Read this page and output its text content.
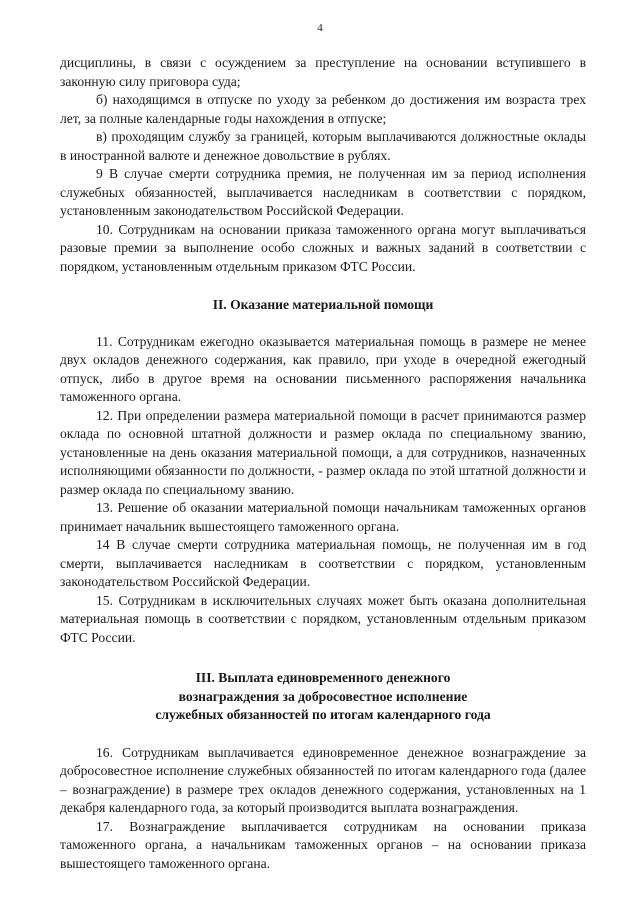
4

дисциплины, в связи с осуждением за преступление на основании вступившего в законную силу приговора суда;

б) находящимся в отпуске по уходу за ребенком до достижения им возраста трех лет, за полные календарные годы нахождения в отпуске;

в) проходящим службу за границей, которым выплачиваются должностные оклады в иностранной валюте и денежное довольствие в рублях.

9 В случае смерти сотрудника премия, не полученная им за период исполнения служебных обязанностей, выплачивается наследникам в соответствии с порядком, установленным законодательством Российской Федерации.

10. Сотрудникам на основании приказа таможенного органа могут выплачиваться разовые премии за выполнение особо сложных и важных заданий в соответствии с порядком, установленным отдельным приказом ФТС России.

II. Оказание материальной помощи

11. Сотрудникам ежегодно оказывается материальная помощь в размере не менее двух окладов денежного содержания, как правило, при уходе в очередной ежегодный отпуск, либо в другое время на основании письменного распоряжения начальника таможенного органа.

12. При определении размера материальной помощи в расчет принимаются размер оклада по основной штатной должности и размер оклада по специальному званию, установленные на день оказания материальной помощи, а для сотрудников, назначенных исполняющими обязанности по должности, - размер оклада по этой штатной должности и размер оклада по специальному званию.

13. Решение об оказании материальной помощи начальникам таможенных органов принимает начальник вышестоящего таможенного органа.

14 В случае смерти сотрудника материальная помощь, не полученная им в год смерти, выплачивается наследникам в соответствии с порядком, установленным законодательством Российской Федерации.

15. Сотрудникам в исключительных случаях может быть оказана дополнительная материальная помощь в соответствии с порядком, установленным отдельным приказом ФТС России.

III. Выплата единовременного денежного
вознаграждения за добросовестное исполнение
служебных обязанностей по итогам календарного года

16. Сотрудникам выплачивается единовременное денежное вознаграждение за добросовестное исполнение служебных обязанностей по итогам календарного года (далее – вознаграждение) в размере трех окладов денежного содержания, установленных на 1 декабря календарного года, за который производится выплата вознаграждения.

17. Вознаграждение выплачивается сотрудникам на основании приказа таможенного органа, а начальникам таможенных органов – на основании приказа вышестоящего таможенного органа.
